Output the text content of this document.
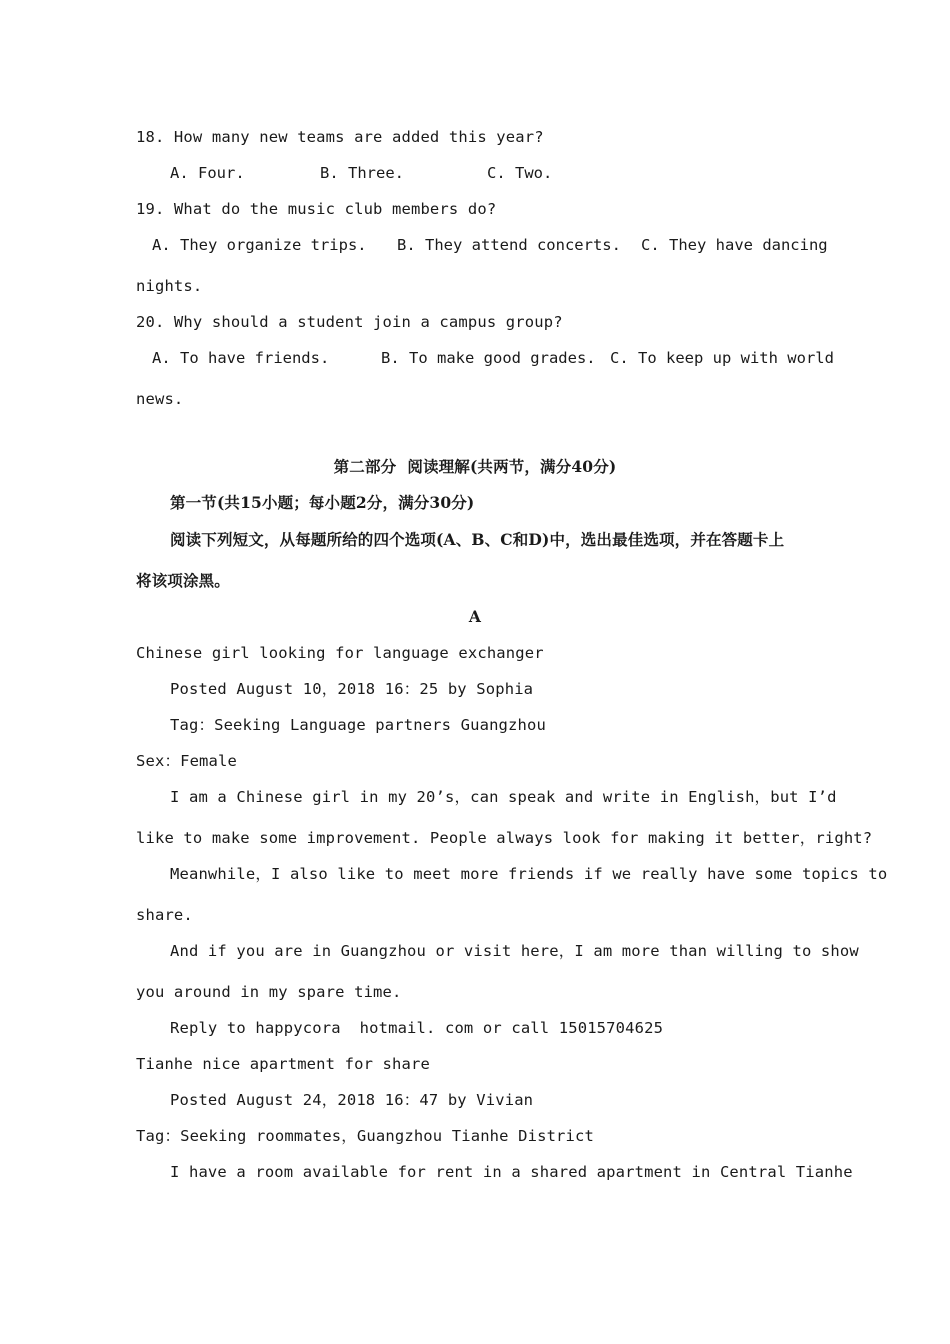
18. How many new teams are added this year?
A. Four.	B. Three.	C. Two.
19. What do the music club members do?
A. They organize trips. B. They attend concerts. C. They have dancing
nights.
20. Why should a student join a campus group?
A. To have friends.	B. To make good grades. C. To keep up with world
news.
第二部分  阅读理解(共两节，满分40分)
第一节(共15小题；每小题2分，满分30分)
阅读下列短文，从每题所给的四个选项(A、B、C和D)中，选出最佳选项，并在答题卡上
将该项涂黑。
A
Chinese girl looking for language exchanger
Posted August 10，2018 16：25 by Sophia
Tag：Seeking Language partners Guangzhou
Sex：Female
I am a Chinese girl in my 20’s，can speak and write in English，but I’d
like to make some improvement. People always look for making it better，right?
Meanwhile，I also like to meet more friends if we really have some topics to
share.
And if you are in Guangzhou or visit here，I am more than willing to show
you around in my spare time.
Reply to happycora  hotmail. com or call 15015704625
Tianhe nice apartment for share
Posted August 24，2018 16：47 by Vivian
Tag：Seeking roommates，Guangzhou Tianhe District
I have a room available for rent in a shared apartment in Central Tianhe
